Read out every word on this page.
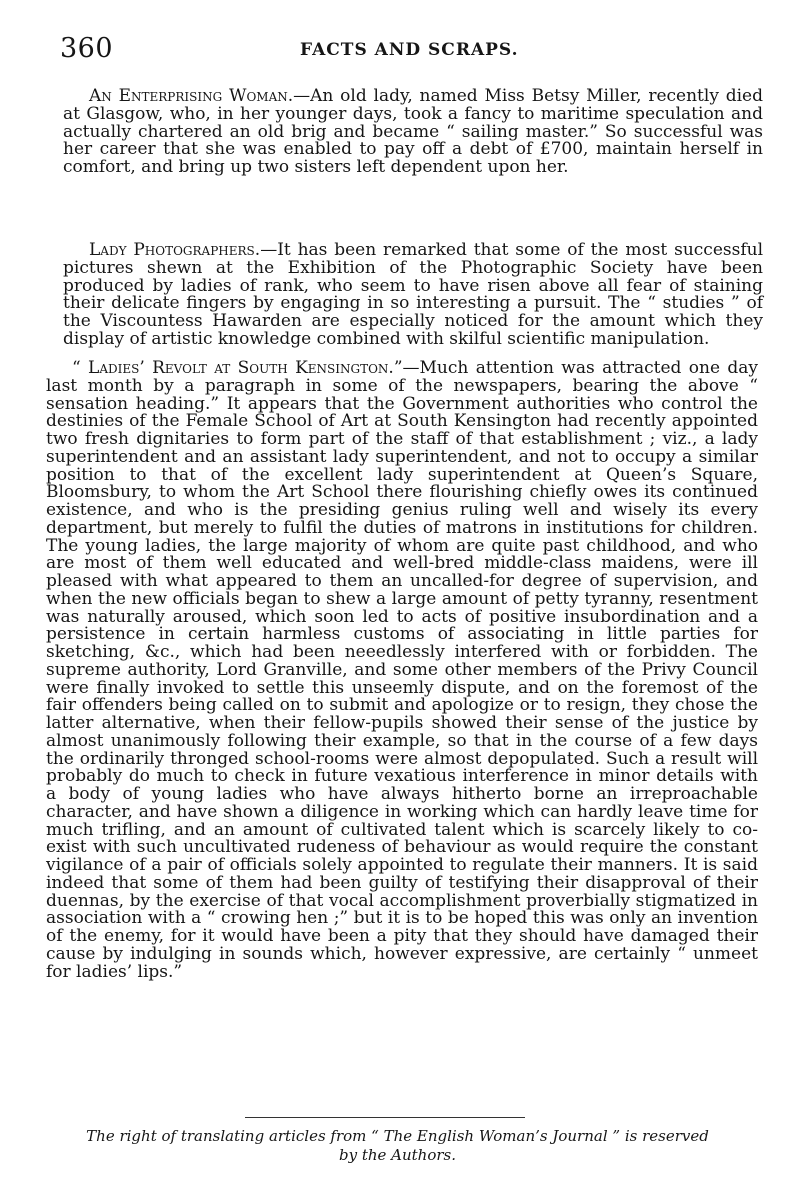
360	FACTS AND SCRAPS.

An Enterprising Woman.—An old lady, named Miss Betsy Miller, recently died at Glasgow, who, in her younger days, took a fancy to maritime speculation and actually chartered an old brig and became “ sailing master.” So successful was her career that she was enabled to pay off a debt of £700, maintain herself in comfort, and bring up two sisters left dependent upon her.

Lady Photographers.—It has been remarked that some of the most successful pictures shewn at the Exhibition of the Photographic Society have been produced by ladies of rank, who seem to have risen above all fear of staining their delicate fingers by engaging in so interesting a pursuit. The “ studies ” of the Viscountess Hawarden are especially noticed for the amount which they display of artistic knowledge combined with skilful scientific manipulation.

“ Ladies’ Revolt at South Kensington.”—Much attention was attracted one day last month by a paragraph in some of the newspapers, bearing the above “ sensation heading.” It appears that the Government authorities who control the destinies of the Female School of Art at South Kensington had recently appointed two fresh dignitaries to form part of the staff of that establishment ; viz., a lady superintendent and an assistant lady superintendent, and not to occupy a similar position to that of the excellent lady superintendent at Queen’s Square, Bloomsbury, to whom the Art School there flourishing chiefly owes its continued existence, and who is the presiding genius ruling well and wisely its every department, but merely to fulfil the duties of matrons in institutions for children. The young ladies, the large majority of whom are quite past childhood, and who are most of them well educated and well-bred middle-class maidens, were ill pleased with what appeared to them an uncalled-for degree of supervision, and when the new officials began to shew a large amount of petty tyranny, resentment was naturally aroused, which soon led to acts of positive insubordination and a persistence in certain harmless customs of associating in little parties for sketching, &c., which had been neeedlessly interfered with or forbidden. The supreme authority, Lord Granville, and some other members of the Privy Council were finally invoked to settle this unseemly dispute, and on the foremost of the fair offenders being called on to submit and apologize or to resign, they chose the latter alternative, when their fellow-pupils showed their sense of the justice by almost unanimously following their example, so that in the course of a few days the ordinarily thronged school-rooms were almost depopulated. Such a result will probably do much to check in future vexatious interference in minor details with a body of young ladies who have always hitherto borne an irreproachable character, and have shown a diligence in working which can hardly leave time for much trifling, and an amount of cultivated talent which is scarcely likely to co-exist with such uncultivated rudeness of behaviour as would require the constant vigilance of a pair of officials solely appointed to regulate their manners. It is said indeed that some of them had been guilty of testifying their disapproval of their duennas, by the exercise of that vocal accomplishment proverbially stigmatized in association with a “ crowing hen ;” but it is to be hoped this was only an invention of the enemy, for it would have been a pity that they should have damaged their cause by indulging in sounds which, however expressive, are certainly “ unmeet for ladies’ lips.”

The right of translating articles from “ The English Woman’s Journal ” is reserved
by the Authors.
